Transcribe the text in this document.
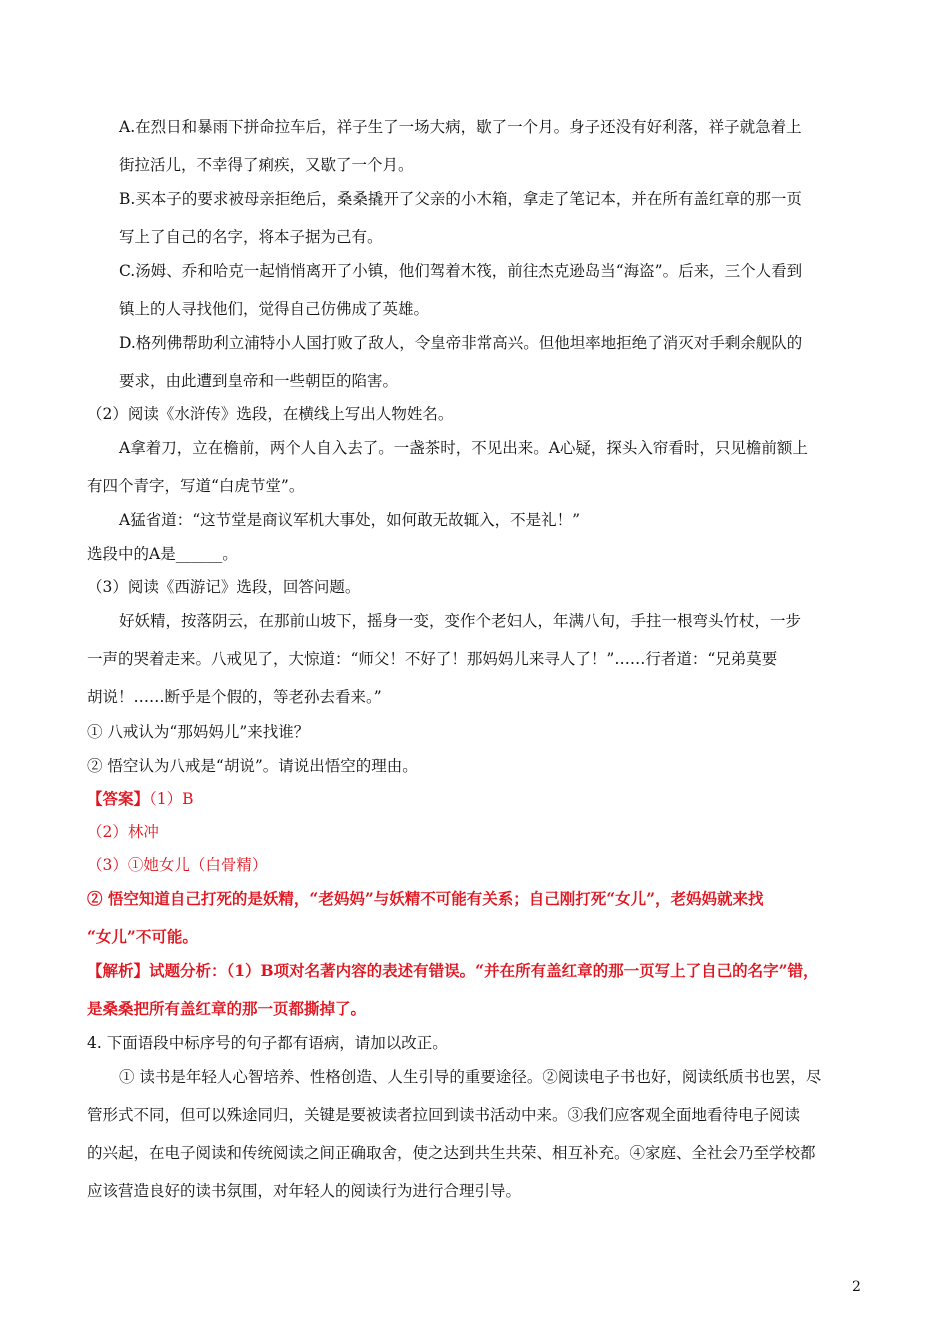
A.在烈日和暴雨下拼命拉车后，祥子生了一场大病，歇了一个月。身子还没有好利落，祥子就急着上
街拉活儿，不幸得了痢疾，又歇了一个月。
B.买本子的要求被母亲拒绝后，桑桑撬开了父亲的小木箱，拿走了笔记本，并在所有盖红章的那一页
写上了自己的名字，将本子据为己有。
C.汤姆、乔和哈克一起悄悄离开了小镇，他们驾着木筏，前往杰克逊岛当“海盗”。后来，三个人看到
镇上的人寻找他们，觉得自己仿佛成了英雄。
D.格列佛帮助利立浦特小人国打败了敌人，令皇帝非常高兴。但他坦率地拒绝了消灭对手剩余舰队的
要求，由此遭到皇帝和一些朝臣的陷害。
（2）阅读《水浒传》选段，在横线上写出人物姓名。
A拿着刀，立在檐前，两个人自入去了。一盏茶时，不见出来。A心疑，探头入帘看时，只见檐前额上
有四个青字，写道“白虎节堂”。
A猛省道：“这节堂是商议军机大事处，如何敢无故辄入，不是礼！”
选段中的A是______。
（3）阅读《西游记》选段，回答问题。
好妖精，按落阴云，在那前山坡下，摇身一变，变作个老妇人，年满八旬，手拄一根弯头竹杖，一步
一声的哭着走来。八戒见了，大惊道：“师父！不好了！那妈妈儿来寻人了！”……行者道：“兄弟莫要
胡说！……断乎是个假的，等老孙去看来。”
① 八戒认为“那妈妈儿”来找谁？
② 悟空认为八戒是“胡说”。请说出悟空的理由。
【答案】（1）B
（2）林冲
（3）①她女儿（白骨精）
② 悟空知道自己打死的是妖精，“老妈妈”与妖精不可能有关系；自己刚打死“女儿”，老妈妈就来找
“女儿”不可能。
【解析】试题分析：（1）B项对名著内容的表述有错误。“并在所有盖红章的那一页写上了自己的名字”错，
是桑桑把所有盖红章的那一页都撕掉了。
4. 下面语段中标序号的句子都有语病，请加以改正。
① 读书是年轻人心智培养、性格创造、人生引导的重要途径。②阅读电子书也好，阅读纸质书也罢，尽
管形式不同，但可以殊途同归，关键是要被读者拉回到读书活动中来。③我们应客观全面地看待电子阅读
的兴起，在电子阅读和传统阅读之间正确取舍，使之达到共生共荣、相互补充。④家庭、全社会乃至学校都
应该营造良好的读书氛围，对年轻人的阅读行为进行合理引导。
2
